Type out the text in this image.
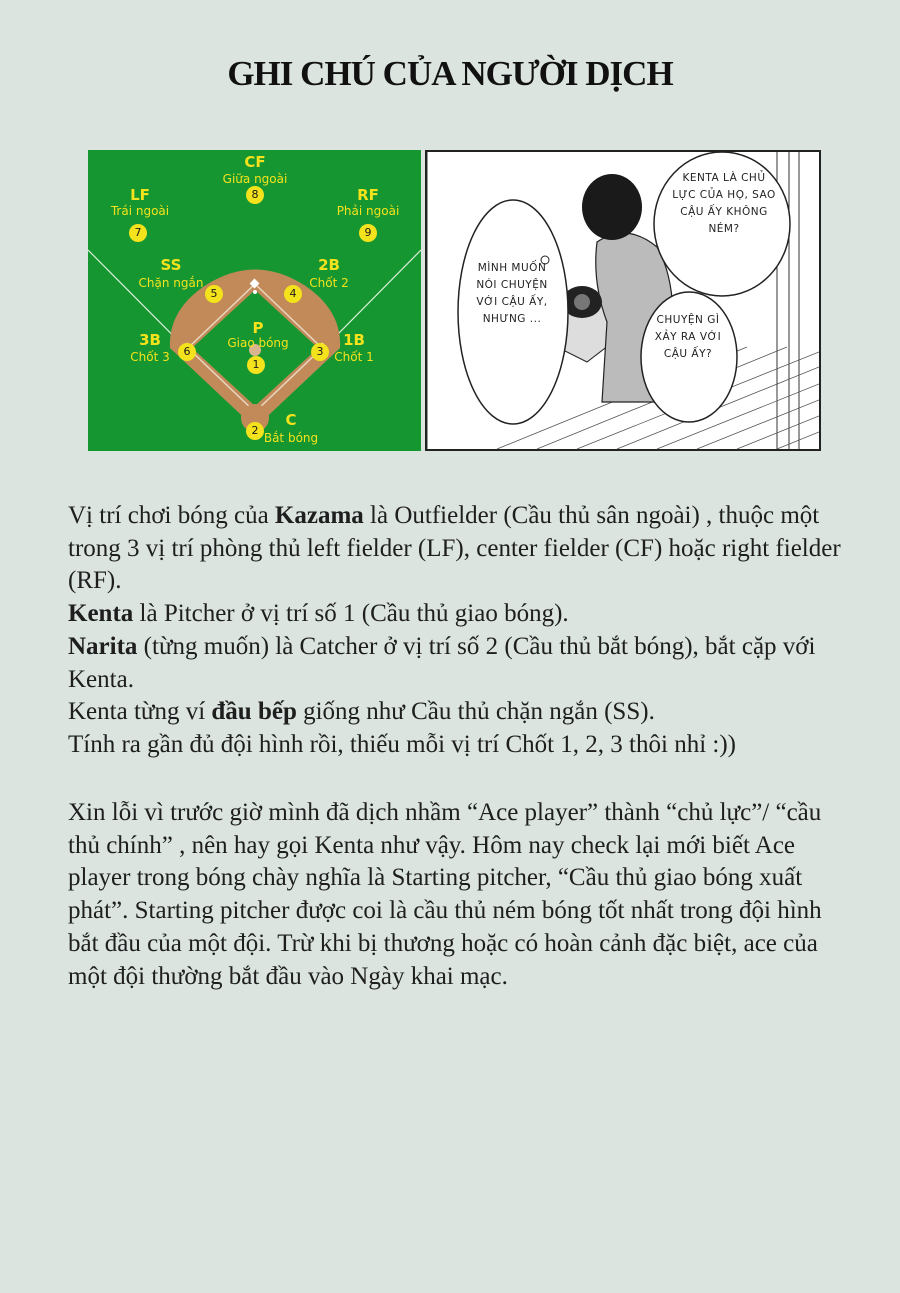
GHI CHÚ CỦA NGƯỜI DỊCH
CF
Giữa ngoài
8
LF
Trái ngoài
7
RF
Phải ngoài
9
SS
Chặn ngắn
5
2B
Chốt 2
4
P
Giao bóng
1
3B
Chốt 3	6
1B
Chốt 1
3
C
Bắt bóng
2
KENTA LÀ CHỦ LỰC CỦA HỌ, SAO CẬU ẤY KHÔNG NÉM?
MÌNH MUỐN NÓI CHUYỆN VỚI CẬU ẤY, NHƯNG ...	CHUYỆN GÌ XẢY RA VỚI CẬU ẤY?

Vị trí chơi bóng của Kazama là Outfielder (Cầu thủ sân ngoài) , thuộc một trong 3 vị trí phòng thủ left fielder (LF), center fielder (CF) hoặc right fielder (RF).

Kenta là Pitcher ở vị trí số 1 (Cầu thủ giao bóng).

Narita (từng muốn) là Catcher ở vị trí số 2 (Cầu thủ bắt bóng), bắt cặp với Kenta.

Kenta từng ví đầu bếp giống như Cầu thủ chặn ngắn (SS).

Tính ra gần đủ đội hình rồi, thiếu mỗi vị trí Chốt 1, 2, 3 thôi nhỉ :))

Xin lỗi vì trước giờ mình đã dịch nhầm “Ace player” thành “chủ lực”/ “cầu thủ chính” , nên hay gọi Kenta như vậy. Hôm nay check lại mới biết Ace player trong bóng chày nghĩa là Starting pitcher, “Cầu thủ giao bóng xuất phát”. Starting pitcher được coi là cầu thủ ném bóng tốt nhất trong đội hình bắt đầu của một đội. Trừ khi bị thương hoặc có hoàn cảnh đặc biệt, ace của một đội thường bắt đầu vào Ngày khai mạc.
